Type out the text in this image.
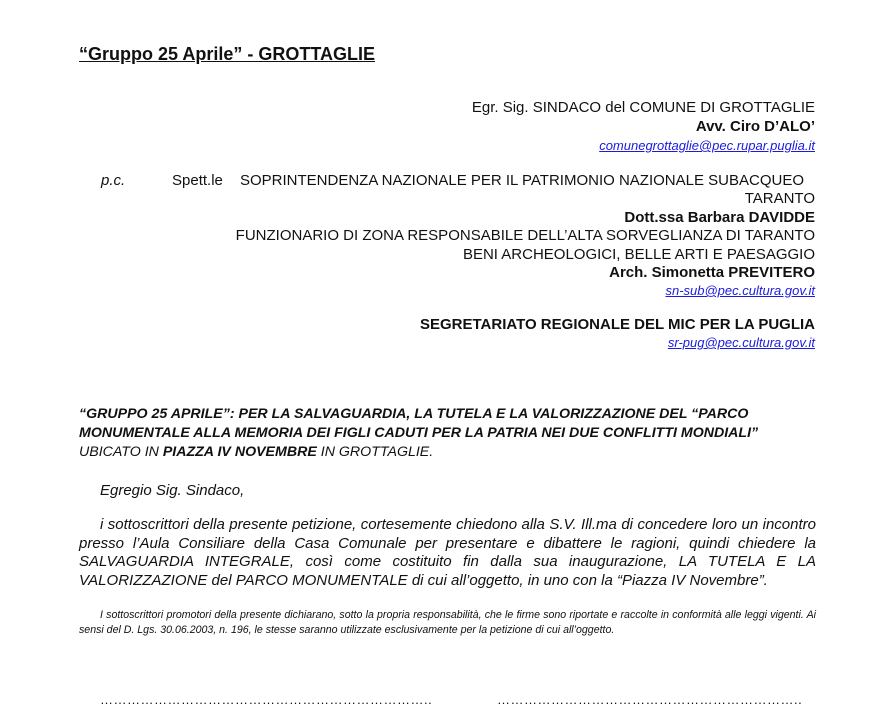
“Gruppo 25 Aprile” - GROTTAGLIE
Egr. Sig. SINDACO del COMUNE DI GROTTAGLIE
Avv. Ciro D’ALO’
comunegrottaglie@pec.rupar.puglia.it
p.c.	Spett.le SOPRINTENDENZA NAZIONALE PER IL PATRIMONIO NAZIONALE SUBACQUEO
TARANTO
Dott.ssa Barbara DAVIDDE
FUNZIONARIO DI ZONA RESPONSABILE DELL’ALTA SORVEGLIANZA DI TARANTO
BENI ARCHEOLOGICI, BELLE ARTI E PAESAGGIO
Arch. Simonetta PREVITERO
sn-sub@pec.cultura.gov.it
SEGRETARIATO REGIONALE DEL MIC PER LA PUGLIA
sr-pug@pec.cultura.gov.it
“GRUPPO 25 APRILE”: PER LA SALVAGUARDIA, LA TUTELA E LA VALORIZZAZIONE DEL “PARCO MONUMENTALE ALLA MEMORIA DEI FIGLI CADUTI PER LA PATRIA NEI DUE CONFLITTI MONDIALI” UBICATO IN PIAZZA IV NOVEMBRE IN GROTTAGLIE.
Egregio Sig. Sindaco,
i sottoscrittori della presente petizione, cortesemente chiedono alla S.V. Ill.ma di concedere loro un incontro presso l’Aula Consiliare della Casa Comunale per presentare e dibattere le ragioni, quindi chiedere la SALVAGUARDIA INTEGRALE, così come costituito fin dalla sua inaugurazione, LA TUTELA E LA VALORIZZAZIONE del PARCO MONUMENTALE di cui all’oggetto, in uno con la “Piazza IV Novembre”.
I sottoscrittori promotori della presente dichiarano, sotto la propria responsabilità, che le firme sono riportate e raccolte in conformità alle leggi vigenti. Ai sensi del D. Lgs. 30.06.2003, n. 196, le stesse saranno utilizzate esclusivamente per la petizione di cui all’oggetto.
………………………………………………………………..	…………………………………………………………..
